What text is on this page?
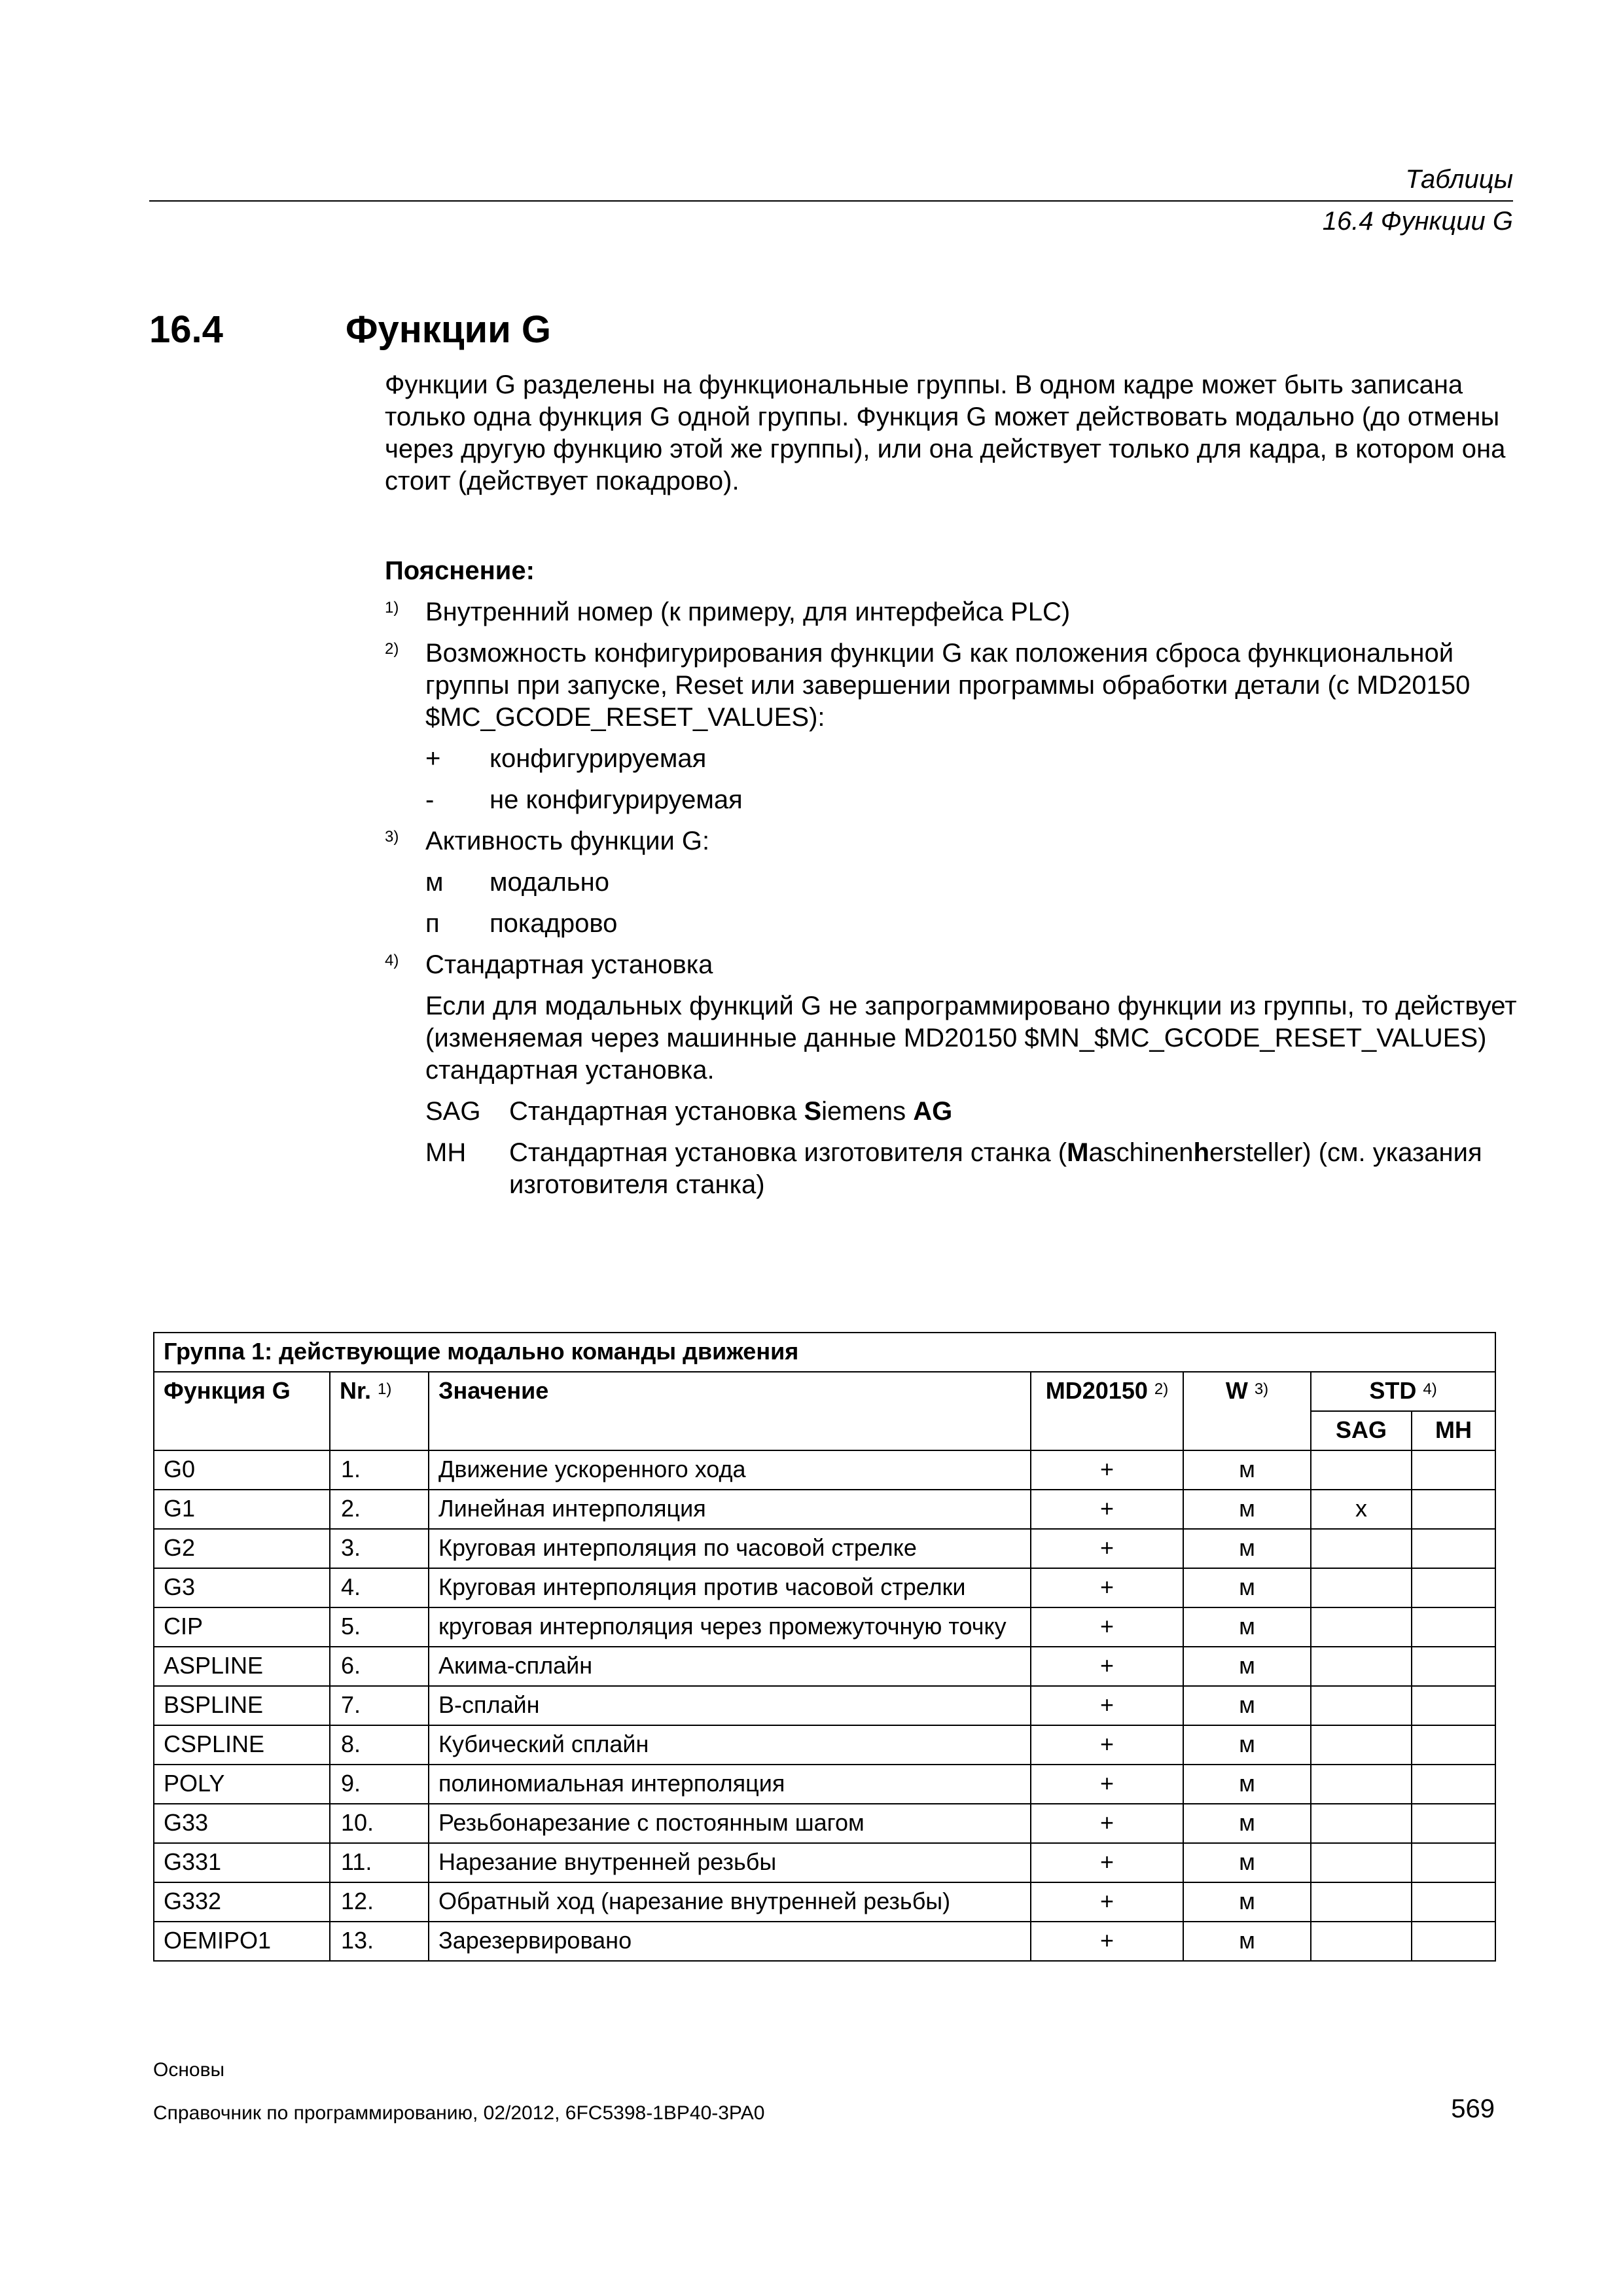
Таблицы
16.4 Функции G
16.4	Функции G
Функции G разделены на функциональные группы. В одном кадре может быть записана только одна функция G одной группы. Функция G может действовать модально (до отмены через другую функцию этой же группы), или она действует только для кадра, в котором она стоит (действует покадрово).
Пояснение:
1) Внутренний номер (к примеру, для интерфейса PLC)
2) Возможность конфигурирования функции G как положения сброса функциональной группы при запуске, Reset или завершении программы обработки детали (с MD20150 $MC_GCODE_RESET_VALUES):
+ конфигурируемая
- не конфигурируемая
3) Активность функции G:
м модально
п покадрово
4) Стандартная установка
Если для модальных функций G не запрограммировано функции из группы, то действует (изменяемая через машинные данные MD20150 $MN_$MC_GCODE_RESET_VALUES) стандартная установка.
SAG Стандартная установка Siemens AG
MH Стандартная установка изготовителя станка (Maschinenhersteller) (см. указания изготовителя станка)
Группа 1: действующие модально команды движения						
Функция G	Nr. $^{1)}$	Значение	MD20150 $^{2)}$	W $^{3)}$	STD $^{4)}$
					SAG	MH
G0	1.	Движение ускоренного хода	+	м		
G1	2.	Линейная интерполяция	+	м	x	
G2	3.	Круговая интерполяция по часовой стрелке	+	м		
G3	4.	Круговая интерполяция против часовой стрелки	+	м		
CIP	5.	круговая интерполяция через промежуточную точку	+	м		
ASPLINE	6.	Акима-сплайн	+	м		
BSPLINE	7.	B-сплайн	+	м		
CSPLINE	8.	Кубический сплайн	+	м		
POLY	9.	полиномиальная интерполяция	+	м		
G33	10.	Резьбонарезание с постоянным шагом	+	м		
G331	11.	Нарезание внутренней резьбы	+	м		
G332	12.	Обратный ход (нарезание внутренней резьбы)	+	м		
OEMIPO1	13.	Зарезервировано	+	м		
Основы
Справочник по программированию, 02/2012, 6FC5398-1BP40-3PA0	569
